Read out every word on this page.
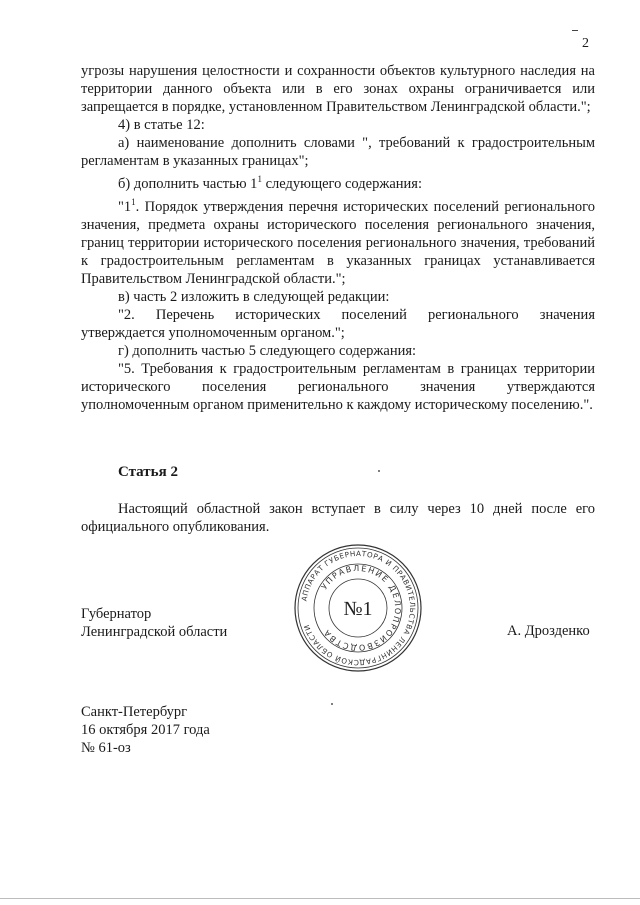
2

угрозы нарушения целостности и сохранности объектов культурного наследия на территории данного объекта или в его зонах охраны ограничивается или запрещается в порядке, установленном Правительством Ленинградской области.";

4) в статье 12:

а) наименование дополнить словами ", требований к градостроительным регламентам в указанных границах";

б) дополнить частью $1^1$ следующего содержания:

"$1^1$. Порядок утверждения перечня исторических поселений регионального значения, предмета охраны исторического поселения регионального значения, границ территории исторического поселения регионального значения, требований к градостроительным регламентам в указанных границах устанавливается Правительством Ленинградской области.";

в) часть 2 изложить в следующей редакции:

"2. Перечень исторических поселений регионального значения утверждается уполномоченным органом.";

г) дополнить частью 5 следующего содержания:

"5. Требования к градостроительным регламентам в границах территории исторического поселения регионального значения утверждаются уполномоченным органом применительно к каждому историческому поселению.".

Статья 2
Настоящий областной закон вступает в силу через 10 дней после его официального опубликования.
Губернатор
Ленинградской области
АППАРАТ ГУБЕРНАТОРА И ПРАВИТЕЛЬСТВА ЛЕНИНГРАДСКОЙ ОБЛАСТИ
УПРАВЛЕНИЕ ДЕЛОПРОИЗВОДСТВА
№1
А. Дрозденко
Санкт-Петербург
16 октября 2017 года
№ 61-оз
